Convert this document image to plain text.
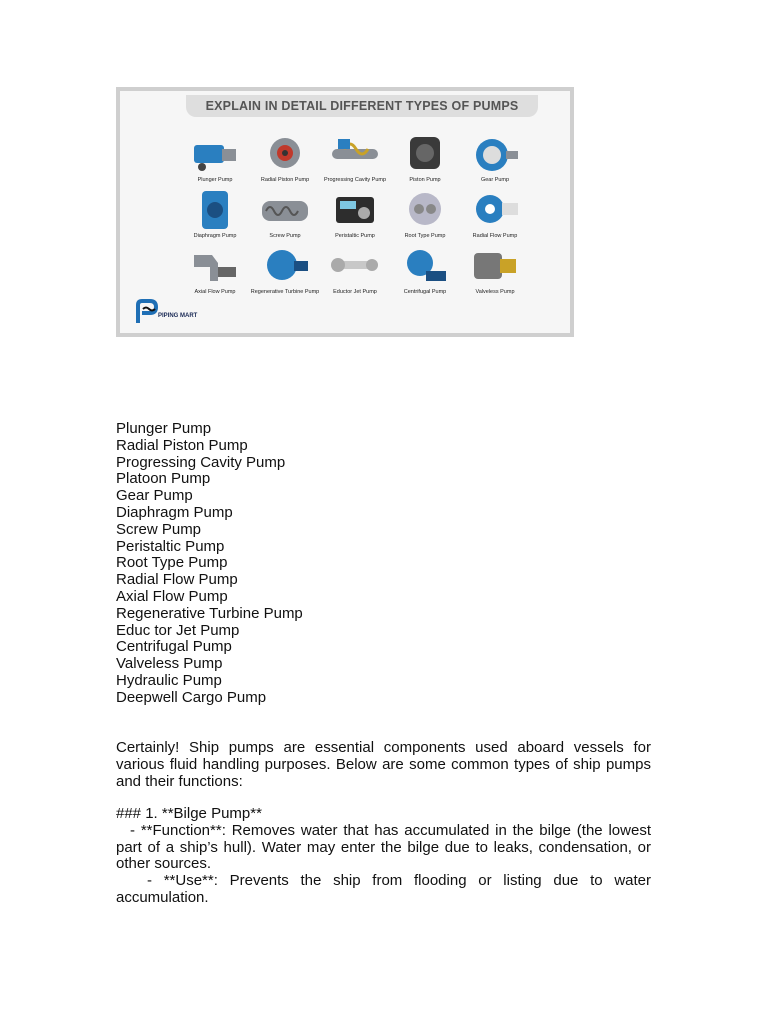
EXPLAIN IN DETAIL DIFFERENT TYPES OF PUMPS
Plunger Pump	Radial Piston Pump	Progressing Cavity Pump	Piston Pump	Gear Pump
Diaphragm Pump	Screw Pump	Peristaltic Pump	Root Type Pump	Radial Flow Pump
Axial Flow Pump	Regenerative Turbine Pump	Eductor Jet Pump	Centrifugal Pump	Valveless Pump
PIPING MART
Plunger Pump
Radial Piston Pump
Progressing Cavity Pump
Platoon Pump
Gear Pump
Diaphragm Pump
Screw Pump
Peristaltic Pump
Root Type Pump
Radial Flow Pump
Axial Flow Pump
Regenerative Turbine Pump
Educ tor Jet Pump
Centrifugal Pump
Valveless Pump
Hydraulic Pump
Deepwell Cargo Pump
Certainly! Ship pumps are essential components used aboard vessels for various fluid handling purposes. Below are some common types of ship pumps and their functions:
### 1. **Bilge Pump**
- **Function**: Removes water that has accumulated in the bilge (the lowest part of a ship’s hull). Water may enter the bilge due to leaks, condensation, or other sources.
- **Use**: Prevents the ship from flooding or listing due to water accumulation.
